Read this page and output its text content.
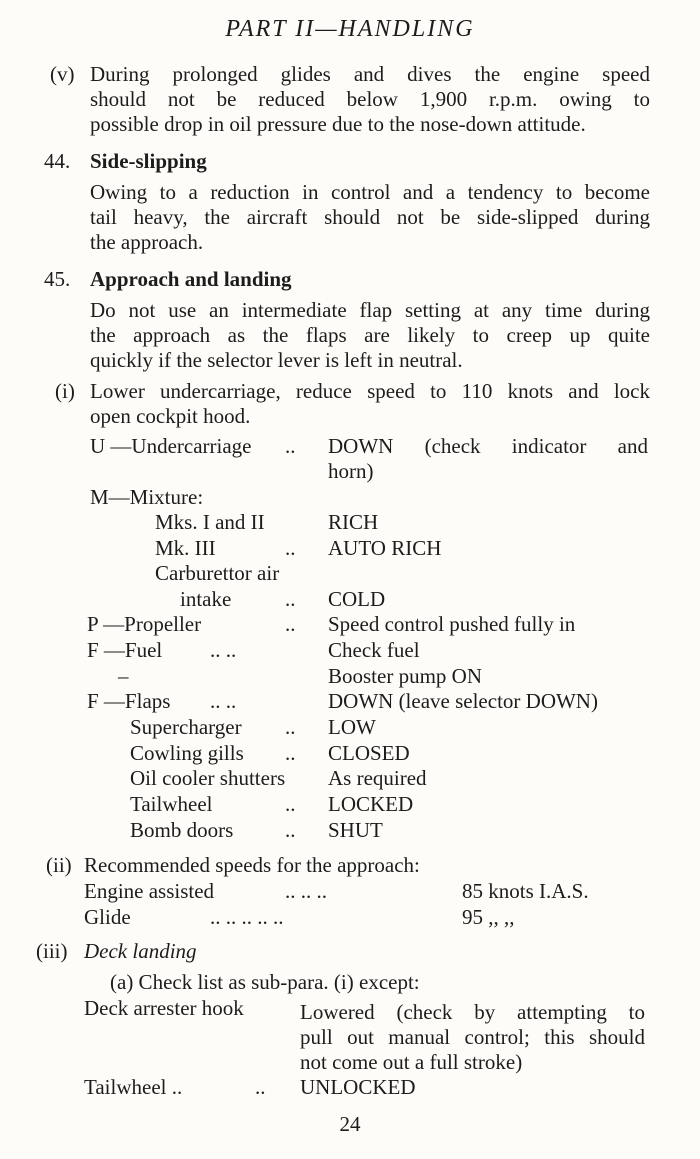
PART II—HANDLING
(v) During prolonged glides and dives the engine speed
should not be reduced below 1,900 r.p.m. owing to
possible drop in oil pressure due to the nose-down attitude.
44. Side-slipping
Owing to a reduction in control and a tendency to become
tail heavy, the aircraft should not be side-slipped during
the approach.
45. Approach and landing
Do not use an intermediate flap setting at any time during
the approach as the flaps are likely to creep up quite
quickly if the selector lever is left in neutral.
(i) Lower undercarriage, reduce speed to 110 knots and lock
open cockpit hood.
U —Undercarriage .. DOWN (check indicator and
horn)
M—Mixture:
Mks. I and II	RICH
Mk. III	.. AUTO RICH
Carburettor air
intake	.. COLD
P —Propeller	.. Speed control pushed fully in
F —Fuel .. ..	Check fuel
–	Booster pump ON
F —Flaps .. ..	DOWN (leave selector DOWN)
Supercharger .. LOW
Cowling gills .. CLOSED
Oil cooler shutters As required
Tailwheel	.. LOCKED
Bomb doors .. SHUT
(ii) Recommended speeds for the approach:
Engine assisted	.. .. ..	85 knots I.A.S.
Glide	.. .. .. .. ..	95 ,, ,,
(iii) Deck landing
(a) Check list as sub-para. (i) except:
Deck arrester hook	Lowered (check by attempting to
pull out manual control; this should
not come out a full stroke)
Tailwheel ..	.. UNLOCKED
24
